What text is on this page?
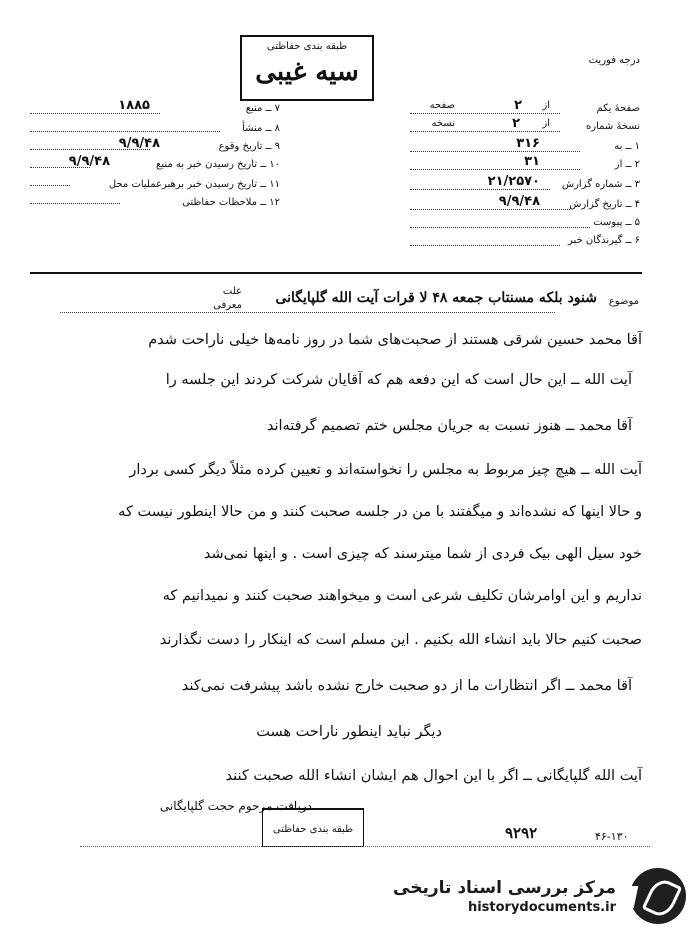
درجه فوریت
طبقه بندی حفاظتی
سیه غیبی
۷ ــ منبع
۱۸۸۵
۸ ــ منشأ
۹ ــ تاریخ وقوع
۹/۹/۴۸
۱۰ ــ تاریخ رسیدن خبر به منبع
۹/۹/۴۸
۱۱ ــ تاریخ رسیدن خبر برهبرعملیات محل
۱۲ ــ ملاحظات حفاظتی
صفحهٔ یکم
از
۲
صفحه
نسخهٔ شماره
از
۲
نسخه
۱ ــ به
۳۱۶
۲ ــ از
۳۱
۳ ــ شماره گزارش
۲۱/۲۵۷۰
۴ ــ تاریخ گزارش
۹/۹/۴۸
۵ ــ پیوست
۶ ــ گیرندگان خبر
موضوع
شنود بلکه مسنتاب جمعه ۴۸ لا قرات آیت الله گلپایگانی
علت
معرفی
آقا محمد حسین شرقی هستند از صحبت‌های شما در روز نامه‌ها خیلی ناراحت شدم
آیت الله ــ این حال است که این دفعه هم که آقایان شرکت کردند این جلسه را
آقا محمد ــ هنوز نسبت به جریان مجلس ختم تصمیم گرفته‌اند
آیت الله ــ هیچ چیز مربوط به مجلس را نخواسته‌اند و تعیین کرده مثلاً دیگر کسی بردار
و حالا اینها که نشده‌اند و میگفتند با من در جلسه صحبت کنند و من حالا اینطور نیست که
خود سیل الهی بیک فردی از شما میترسند که چیزی است . و اینها نمی‌شد
نداریم و این اوامرشان تکلیف شرعی است و میخواهند صحبت کنند و نمیدانیم که
صحبت کنیم حالا باید انشاء الله بکنیم . این مسلم است که اینکار را دست نگذارند
آقا محمد ــ اگر انتظارات ما از دو صحبت خارج نشده باشد پیشرفت نمی‌کند
دیگر نباید اینطور ناراحت هست
آیت الله گلپایگانی ــ اگر با این احوال هم ایشان انشاء الله صحبت کنند
دریافت مرحوم حجت گلپایگانی
طبقه بندی حفاظتی	۹۲۹۲	۴۶-۱۳۰
مرکز بررسی اسناد تاریخی
historydocuments.ir
